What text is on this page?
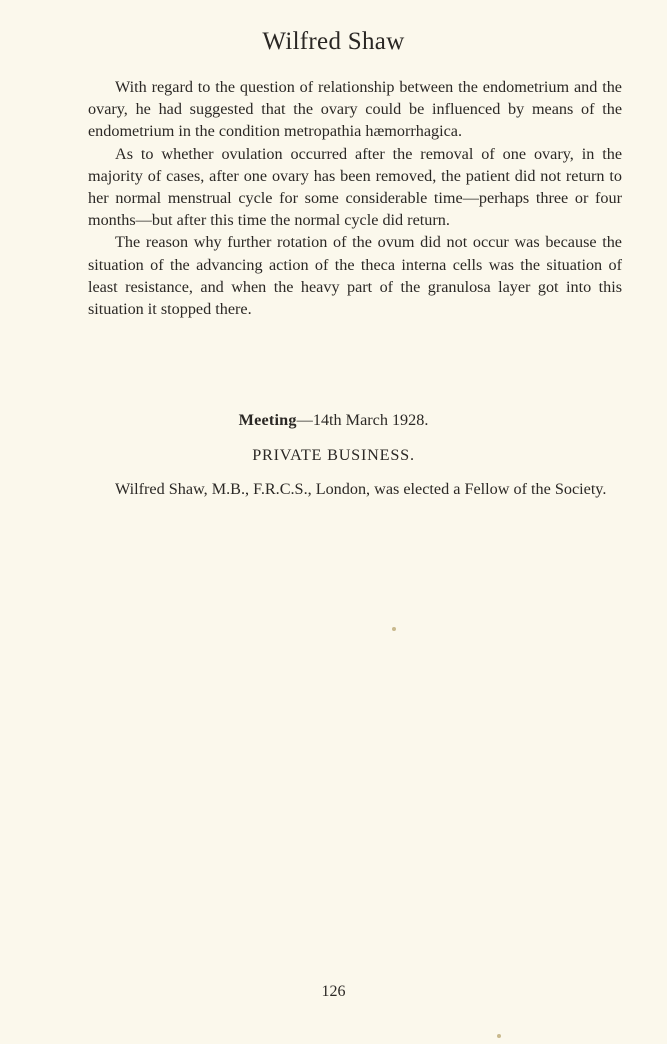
Wilfred Shaw

With regard to the question of relationship between the endometrium and the ovary, he had suggested that the ovary could be influenced by means of the endometrium in the condition metropathia hæmorrhagica.

As to whether ovulation occurred after the removal of one ovary, in the majority of cases, after one ovary has been removed, the patient did not return to her normal menstrual cycle for some considerable time—perhaps three or four months—but after this time the normal cycle did return.

The reason why further rotation of the ovum did not occur was because the situation of the advancing action of the theca interna cells was the situation of least resistance, and when the heavy part of the granulosa layer got into this situation it stopped there.

Meeting—14th March 1928.
PRIVATE BUSINESS.

Wilfred Shaw, M.B., F.R.C.S., London, was elected a Fellow of the Society.

126
